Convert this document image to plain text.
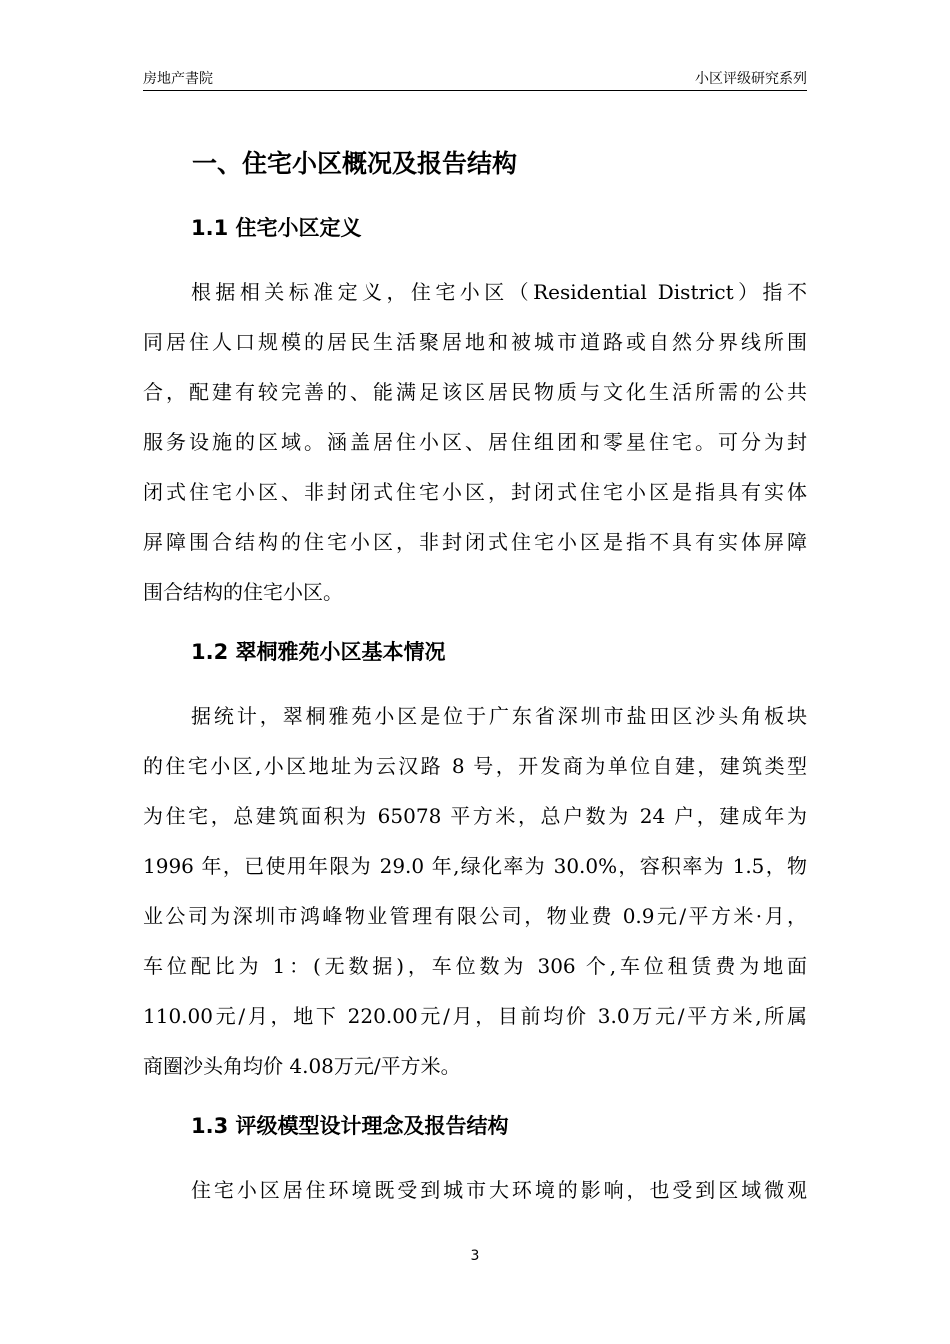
房地产書院	小区评级研究系列
一、住宅小区概况及报告结构
1.1 住宅小区定义
根据相关标准定义，住宅小区（Residential District）指不
同居住人口规模的居民生活聚居地和被城市道路或自然分界线所围
合，配建有较完善的、能满足该区居民物质与文化生活所需的公共
服务设施的区域。涵盖居住小区、居住组团和零星住宅。可分为封
闭式住宅小区、非封闭式住宅小区，封闭式住宅小区是指具有实体
屏障围合结构的住宅小区，非封闭式住宅小区是指不具有实体屏障
围合结构的住宅小区。
1.2 翠桐雅苑小区基本情况
据统计，翠桐雅苑小区是位于广东省深圳市盐田区沙头角板块
的住宅小区,小区地址为云汉路 8 号，开发商为单位自建，建筑类型
为住宅，总建筑面积为 65078 平方米，总户数为 24 户，建成年为
1996 年，已使用年限为 29.0 年,绿化率为 30.0%，容积率为 1.5，物
业公司为深圳市鸿峰物业管理有限公司，物业费 0.9元/平方米·月，
车位配比为 1：(无数据)，车位数为 306 个,车位租赁费为地面
110.00元/月，地下 220.00元/月，目前均价 3.0万元/平方米,所属
商圈沙头角均价 4.08万元/平方米。
1.3 评级模型设计理念及报告结构
住宅小区居住环境既受到城市大环境的影响，也受到区域微观
3
